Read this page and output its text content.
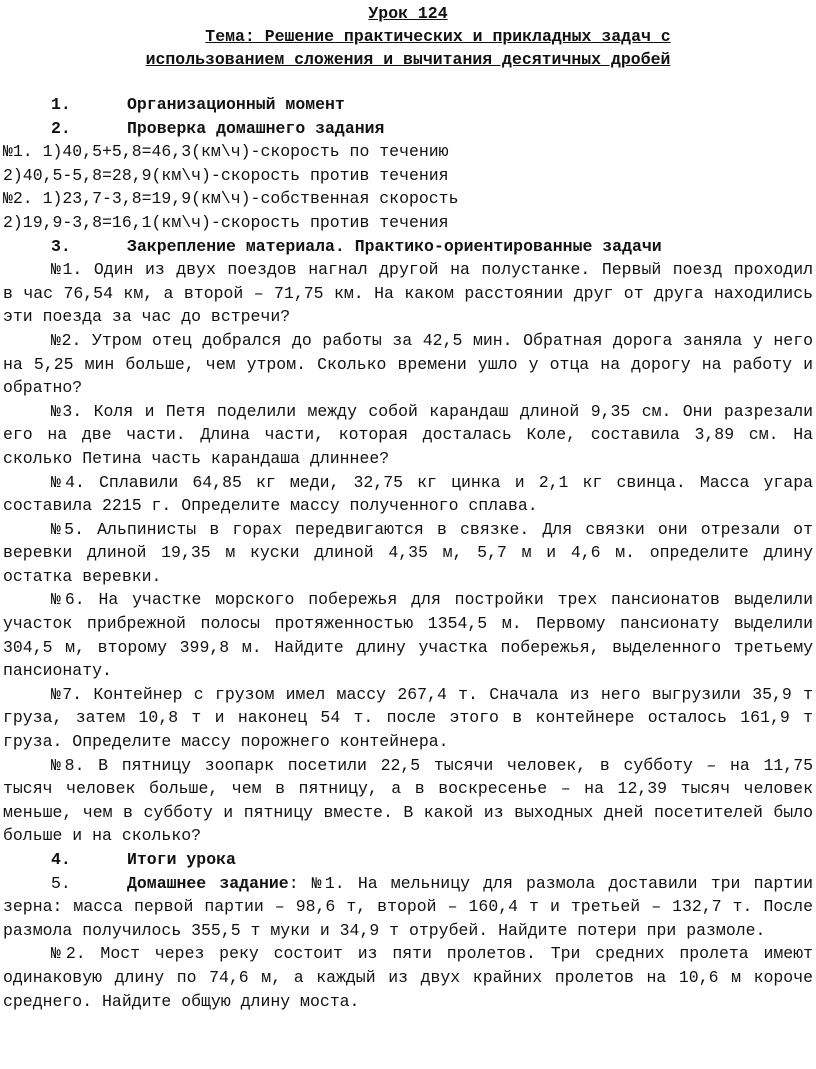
Урок 124

Тема: Решение практических и прикладных задач с

использованием сложения и вычитания десятичных дробей

1.	Организационный момент

2.	Проверка домашнего задания

№1. 1)40,5+5,8=46,3(км\ч)-скорость по течению

2)40,5-5,8=28,9(км\ч)-скорость против течения

№2. 1)23,7-3,8=19,9(км\ч)-собственная скорость

2)19,9-3,8=16,1(км\ч)-скорость против течения

3.	Закрепление материала. Практико-ориентированные задачи

№1. Один из двух поездов нагнал другой на полустанке. Первый поезд проходил в час 76,54 км, а второй – 71,75 км. На каком расстоянии друг от друга находились эти поезда за час до встречи?

№2. Утром отец добрался до работы за 42,5 мин. Обратная дорога заняла у него на 5,25 мин больше, чем утром. Сколько времени ушло у отца на дорогу на работу и обратно?

№3. Коля и Петя поделили между собой карандаш длиной 9,35 см. Они разрезали его на две части. Длина части, которая досталась Коле, составила 3,89 см. На сколько Петина часть карандаша длиннее?

№4. Сплавили 64,85 кг меди, 32,75 кг цинка и 2,1 кг свинца. Масса угара составила 2215 г. Определите массу полученного сплава.

№5. Альпинисты в горах передвигаются в связке. Для связки они отрезали от веревки длиной 19,35 м куски длиной 4,35 м, 5,7 м и 4,6 м. определите длину остатка веревки.

№6. На участке морского побережья для постройки трех пансионатов выделили участок прибрежной полосы протяженностью 1354,5 м. Первому пансионату выделили 304,5 м, второму 399,8 м. Найдите длину участка побережья, выделенного третьему пансионату.

№7. Контейнер с грузом имел массу 267,4 т. Сначала из него выгрузили 35,9 т груза, затем 10,8 т и наконец 54 т. после этого в контейнере осталось 161,9 т груза. Определите массу порожнего контейнера.

№8. В пятницу зоопарк посетили 22,5 тысячи человек, в субботу – на 11,75 тысяч человек больше, чем в пятницу, а в воскресенье – на 12,39 тысяч человек меньше, чем в субботу и пятницу вместе. В какой из выходных дней посетителей было больше и на сколько?

4.	Итоги урока

5.	Домашнее задание: №1. На мельницу для размола доставили три партии зерна: масса первой партии – 98,6 т, второй – 160,4 т и третьей – 132,7 т. После размола получилось 355,5 т муки и 34,9 т отрубей. Найдите потери при размоле.

№2. Мост через реку состоит из пяти пролетов. Три средних пролета имеют одинаковую длину по 74,6 м, а каждый из двух крайних пролетов на 10,6 м короче среднего. Найдите общую длину моста.
